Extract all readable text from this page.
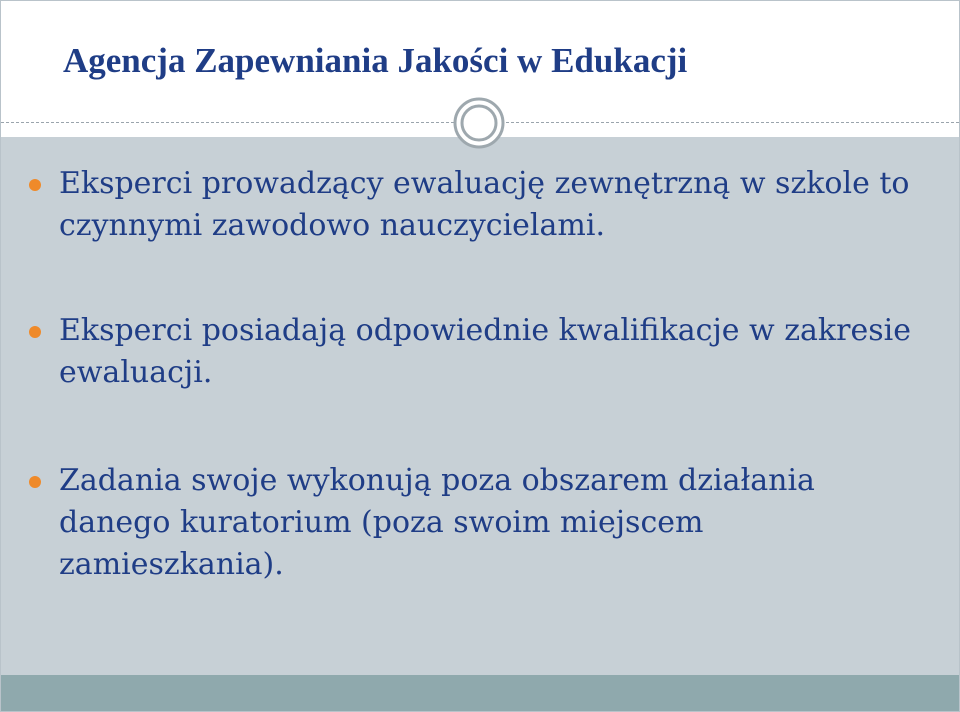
Agencja Zapewniania Jakości w Edukacji
Eksperci prowadzący ewaluację zewnętrzną w szkole to czynnymi zawodowo nauczycielami.
Eksperci posiadają odpowiednie kwalifikacje w zakresie ewaluacji.
Zadania swoje wykonują poza obszarem działania danego kuratorium (poza swoim miejscem zamieszkania).
